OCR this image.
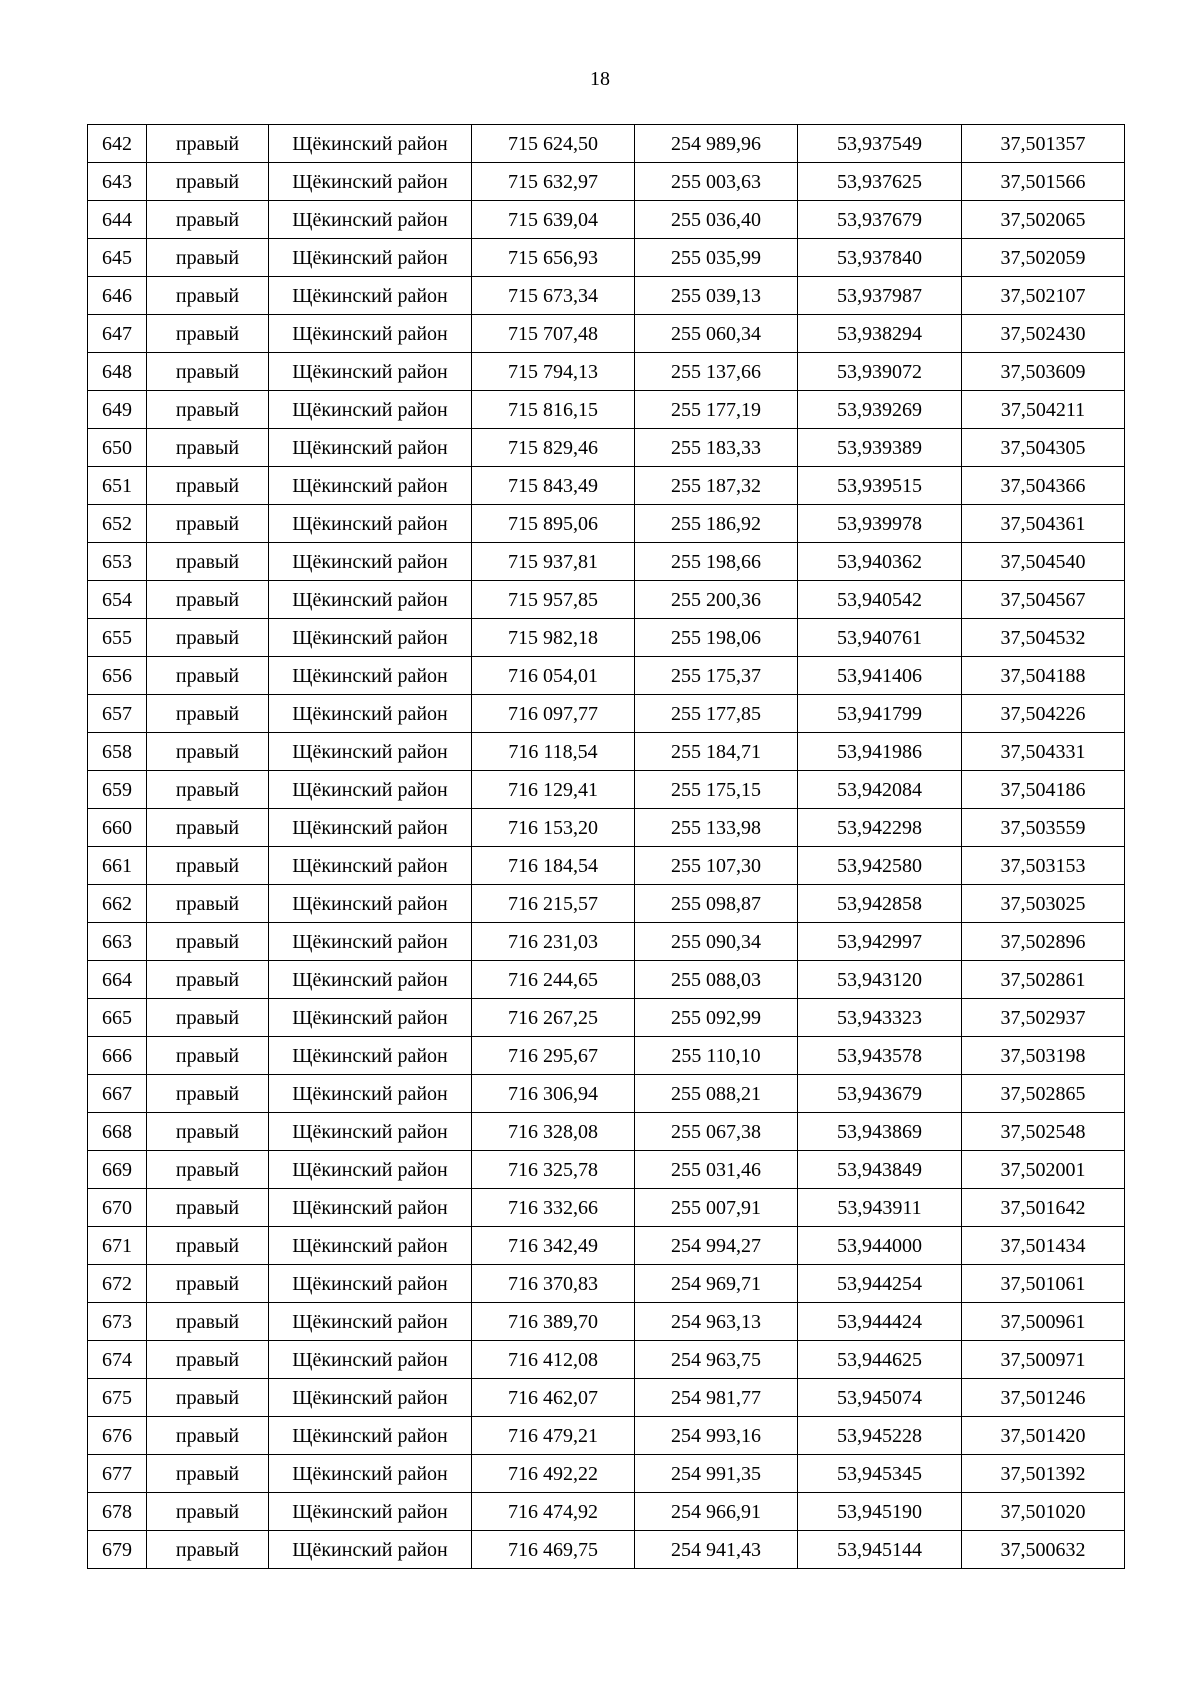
18
642	правый	Щёкинский район	715 624,50	254 989,96	53,937549	37,501357
643	правый	Щёкинский район	715 632,97	255 003,63	53,937625	37,501566
644	правый	Щёкинский район	715 639,04	255 036,40	53,937679	37,502065
645	правый	Щёкинский район	715 656,93	255 035,99	53,937840	37,502059
646	правый	Щёкинский район	715 673,34	255 039,13	53,937987	37,502107
647	правый	Щёкинский район	715 707,48	255 060,34	53,938294	37,502430
648	правый	Щёкинский район	715 794,13	255 137,66	53,939072	37,503609
649	правый	Щёкинский район	715 816,15	255 177,19	53,939269	37,504211
650	правый	Щёкинский район	715 829,46	255 183,33	53,939389	37,504305
651	правый	Щёкинский район	715 843,49	255 187,32	53,939515	37,504366
652	правый	Щёкинский район	715 895,06	255 186,92	53,939978	37,504361
653	правый	Щёкинский район	715 937,81	255 198,66	53,940362	37,504540
654	правый	Щёкинский район	715 957,85	255 200,36	53,940542	37,504567
655	правый	Щёкинский район	715 982,18	255 198,06	53,940761	37,504532
656	правый	Щёкинский район	716 054,01	255 175,37	53,941406	37,504188
657	правый	Щёкинский район	716 097,77	255 177,85	53,941799	37,504226
658	правый	Щёкинский район	716 118,54	255 184,71	53,941986	37,504331
659	правый	Щёкинский район	716 129,41	255 175,15	53,942084	37,504186
660	правый	Щёкинский район	716 153,20	255 133,98	53,942298	37,503559
661	правый	Щёкинский район	716 184,54	255 107,30	53,942580	37,503153
662	правый	Щёкинский район	716 215,57	255 098,87	53,942858	37,503025
663	правый	Щёкинский район	716 231,03	255 090,34	53,942997	37,502896
664	правый	Щёкинский район	716 244,65	255 088,03	53,943120	37,502861
665	правый	Щёкинский район	716 267,25	255 092,99	53,943323	37,502937
666	правый	Щёкинский район	716 295,67	255 110,10	53,943578	37,503198
667	правый	Щёкинский район	716 306,94	255 088,21	53,943679	37,502865
668	правый	Щёкинский район	716 328,08	255 067,38	53,943869	37,502548
669	правый	Щёкинский район	716 325,78	255 031,46	53,943849	37,502001
670	правый	Щёкинский район	716 332,66	255 007,91	53,943911	37,501642
671	правый	Щёкинский район	716 342,49	254 994,27	53,944000	37,501434
672	правый	Щёкинский район	716 370,83	254 969,71	53,944254	37,501061
673	правый	Щёкинский район	716 389,70	254 963,13	53,944424	37,500961
674	правый	Щёкинский район	716 412,08	254 963,75	53,944625	37,500971
675	правый	Щёкинский район	716 462,07	254 981,77	53,945074	37,501246
676	правый	Щёкинский район	716 479,21	254 993,16	53,945228	37,501420
677	правый	Щёкинский район	716 492,22	254 991,35	53,945345	37,501392
678	правый	Щёкинский район	716 474,92	254 966,91	53,945190	37,501020
679	правый	Щёкинский район	716 469,75	254 941,43	53,945144	37,500632
